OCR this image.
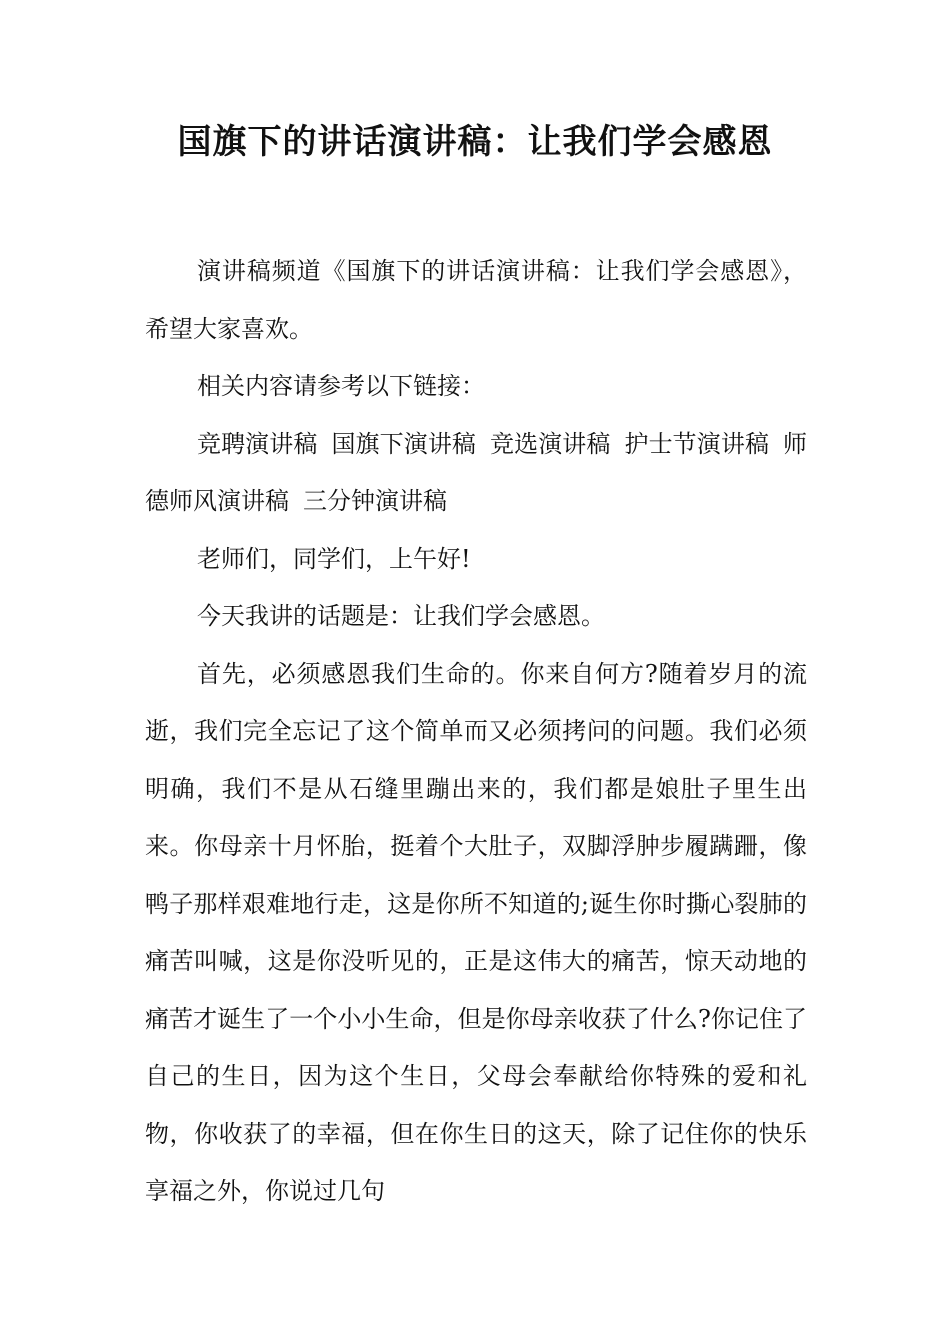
国旗下的讲话演讲稿：让我们学会感恩

演讲稿频道《国旗下的讲话演讲稿：让我们学会感恩》，希望大家喜欢。

相关内容请参考以下链接：

竞聘演讲稿 国旗下演讲稿 竞选演讲稿 护士节演讲稿 师德师风演讲稿 三分钟演讲稿

老师们，同学们，上午好!

今天我讲的话题是：让我们学会感恩。

首先，必须感恩我们生命的。你来自何方?随着岁月的流逝，我们完全忘记了这个简单而又必须拷问的问题。我们必须明确，我们不是从石缝里蹦出来的，我们都是娘肚子里生出来。你母亲十月怀胎，挺着个大肚子，双脚浮肿步履蹒跚，像鸭子那样艰难地行走，这是你所不知道的;诞生你时撕心裂肺的痛苦叫喊，这是你没听见的，正是这伟大的痛苦，惊天动地的痛苦才诞生了一个小小生命，但是你母亲收获了什么?你记住了自己的生日，因为这个生日，父母会奉献给你特殊的爱和礼物，你收获了的幸福，但在你生日的这天，除了记住你的快乐享福之外，你说过几句
